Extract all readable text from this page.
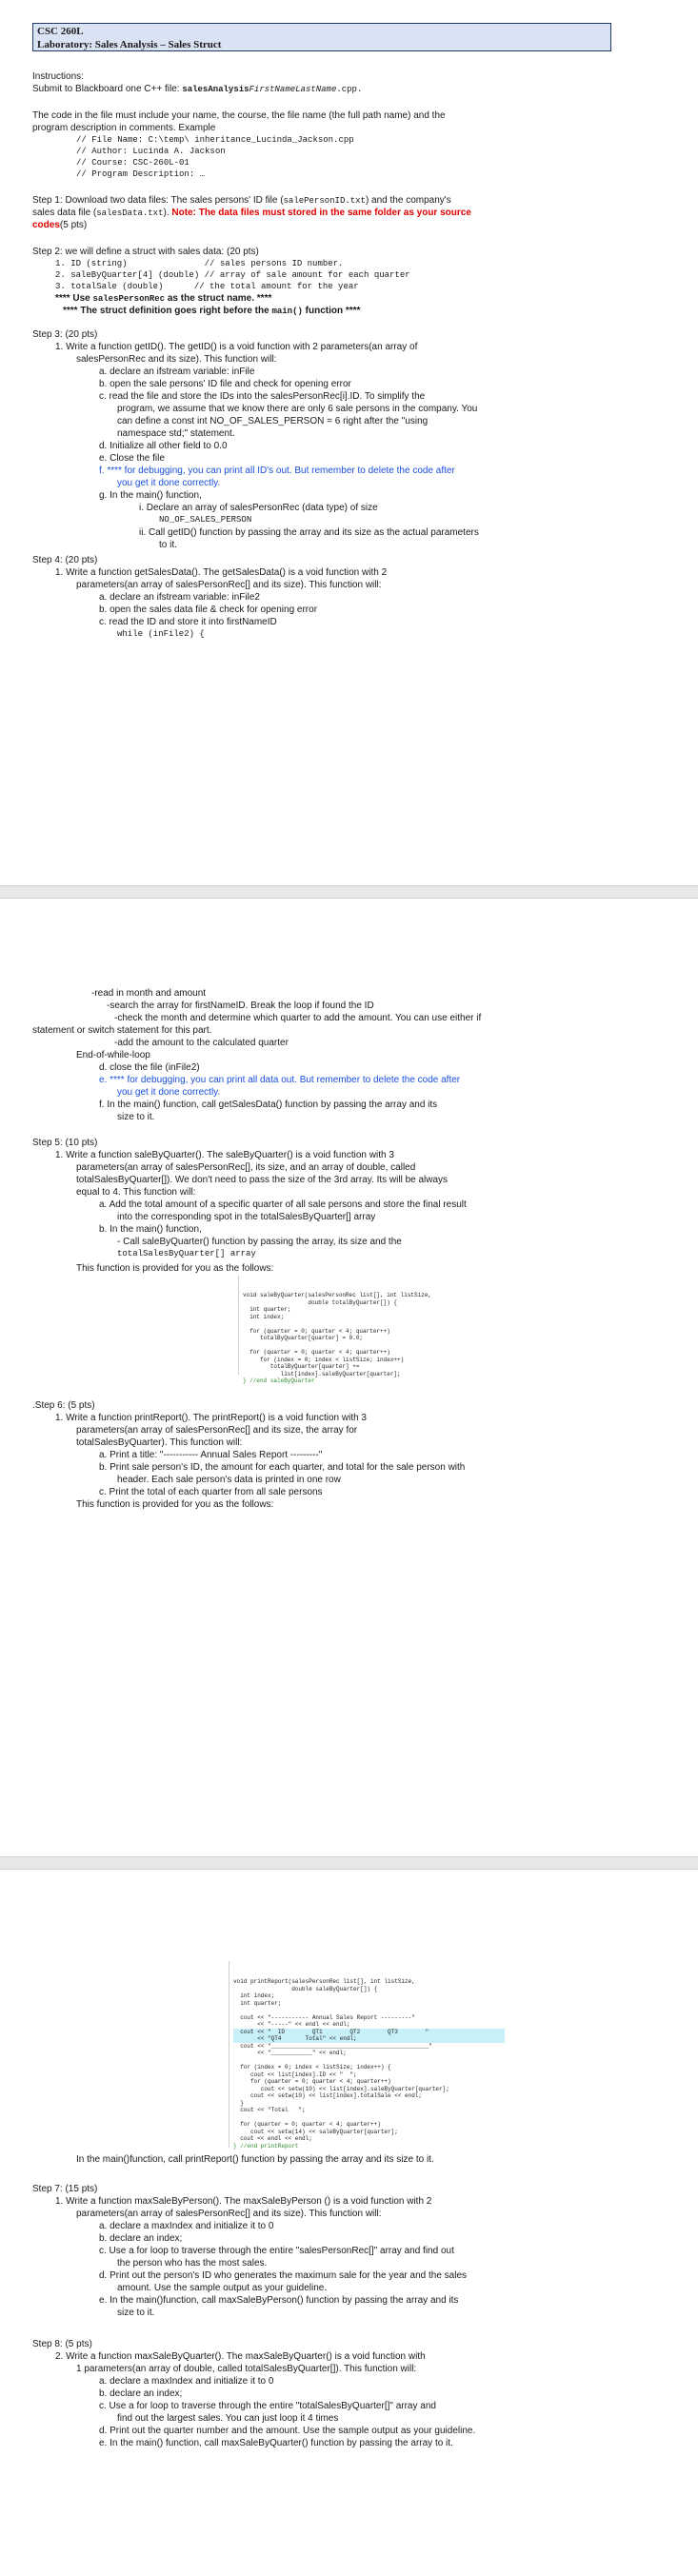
CSC 260L
Laboratory: Sales Analysis – Sales Struct
Instructions:
Submit to Blackboard one C++ file: salesAnalysisFirstNameLastName.cpp.
The code in the file must include your name, the course, the file name (the full path name) and the
program description in comments. Example
// File Name: C:\temp\ inheritance_Lucinda_Jackson.cpp
// Author: Lucinda A. Jackson
// Course: CSC-260L-01
// Program Description: …
Step 1: Download two data files: The sales persons' ID file (salePersonID.txt) and the company's
sales data file (salesData.txt). Note: The data files must stored in the same folder as your source
codes(5 pts)
Step 2: we will define a struct with sales data: (20 pts)
1. ID (string)               // sales persons ID number.
2. saleByQuarter[4] (double) // array of sale amount for each quarter
3. totalSale (double)      // the total amount for the year
**** Use salesPersonRec as the struct name. ****
**** The struct definition goes right before the main() function ****
Step 3: (20 pts)
1. Write a function getID(). The getID() is a void function with 2 parameters(an array of
salesPersonRec and its size). This function will:
a. declare an ifstream variable: inFile
b. open the sale persons' ID file and check for opening error
c. read the file and store the IDs into the salesPersonRec[i].ID. To simplify the
program, we assume that we know there are only 6 sale persons in the company. You
can define a const int NO_OF_SALES_PERSON = 6 right after the "using
namespace std;" statement.
d. Initialize all other field to 0.0
e. Close the file
f. **** for debugging, you can print all ID's out. But remember to delete the code after
you get it done correctly.
g. In the main() function,
i. Declare an array of salesPersonRec (data type) of size
NO_OF_SALES_PERSON
ii. Call getID() function by passing the array and its size as the actual parameters
to it.
Step 4: (20 pts)
1. Write a function getSalesData(). The getSalesData() is a void function with 2
parameters(an array of salesPersonRec[] and its size). This function will:
a. declare an ifstream variable: inFile2
b. open the sales data file & check for opening error
c. read the ID and store it into firstNameID
while (inFile2) {
-read in month and amount
-search the array for firstNameID. Break the loop if found the ID
-check the month and determine which quarter to add the amount. You can use either if
statement or switch statement for this part.
-add the amount to the calculated quarter
End-of-while-loop
d. close the file (inFile2)
e. **** for debugging, you can print all data out. But remember to delete the code after
you get it done correctly.
f. In the main() function, call getSalesData() function by passing the array and its
size to it.
Step 5: (10 pts)
1. Write a function saleByQuarter(). The saleByQuarter() is a void function with 3
parameters(an array of salesPersonRec[], its size, and an array of double, called
totalSalesByQuarter[]). We don't need to pass the size of the 3rd array. Its will be always
equal to 4. This function will:
a. Add the total amount of a specific quarter of all sale persons and store the final result
into the corresponding spot in the totalSalesByQuarter[] array
b. In the main() function,
- Call saleByQuarter() function by passing the array, its size and the
totalSalesByQuarter[] array
This function is provided for you as the follows:

void saleByQuarter(salesPersonRec list[], int listSize,
double totalByQuarter[]) {
int quarter;
int index;

for (quarter = 0; quarter < 4; quarter++)
totalByQuarter[quarter] = 0.0;

for (quarter = 0; quarter < 4; quarter++)
for (index = 0; index < listSize; index++)
totalByQuarter[quarter] +=
list[index].saleByQuarter[quarter];
} //end saleByQuarter

.Step 6: (5 pts)
1. Write a function printReport(). The printReport() is a void function with 3
parameters(an array of salesPersonRec[] and its size, the array for
totalSalesByQuarter). This function will:
a. Print a title: "----------- Annual Sales Report ---------"
b. Print sale person's ID, the amount for each quarter, and total for the sale person with
header. Each sale person's data is printed in one row
c. Print the total of each quarter from all sale persons
This function is provided for you as the follows:

void printReport(salesPersonRec list[], int listSize,
double saleByQuarter[]) {
int index;
int quarter;

cout << "----------- Annual Sales Report ---------"
<< "-----" << endl << endl;
cout << "  ID        QT1        QT2        QT3        "
<< "QT4       Total" << endl;
cout << "______________________________________________"
<< "____________" << endl;

for (index = 0; index < listSize; index++) {
cout << list[index].ID << "  ";
for (quarter = 0; quarter < 4; quarter++)
cout << setw(10) << list[index].saleByQuarter[quarter];
cout << setw(10) << list[index].totalSale << endl;
}
cout << "Total   ";

for (quarter = 0; quarter < 4; quarter++)
cout << setw(14) << saleByQuarter[quarter];
cout << endl << endl;
} //end printReport

In the main()function, call printReport() function by passing the array and its size to it.
Step 7: (15 pts)
1. Write a function maxSaleByPerson(). The maxSaleByPerson () is a void function with 2
parameters(an array of salesPersonRec[] and its size). This function will:
a. declare a maxIndex and initialize it to 0
b. declare an index;
c. Use a for loop to traverse through the entire "salesPersonRec[]" array and find out
the person who has the most sales.
d. Print out the person's ID who generates the maximum sale for the year and the sales
amount. Use the sample output as your guideline.
e. In the main()function, call maxSaleByPerson() function by passing the array and its
size to it.
Step 8: (5 pts)
2. Write a function maxSaleByQuarter(). The maxSaleByQuarter() is a void function with
1 parameters(an array of double, called totalSalesByQuarter[]). This function will:
a. declare a maxIndex and initialize it to 0
b. declare an index;
c. Use a for loop to traverse through the entire "totalSalesByQuarter[]" array and
find out the largest sales. You can just loop it 4 times
d. Print out the quarter number and the amount. Use the sample output as your guideline.
e. In the main() function, call maxSaleByQuarter() function by passing the array to it.
